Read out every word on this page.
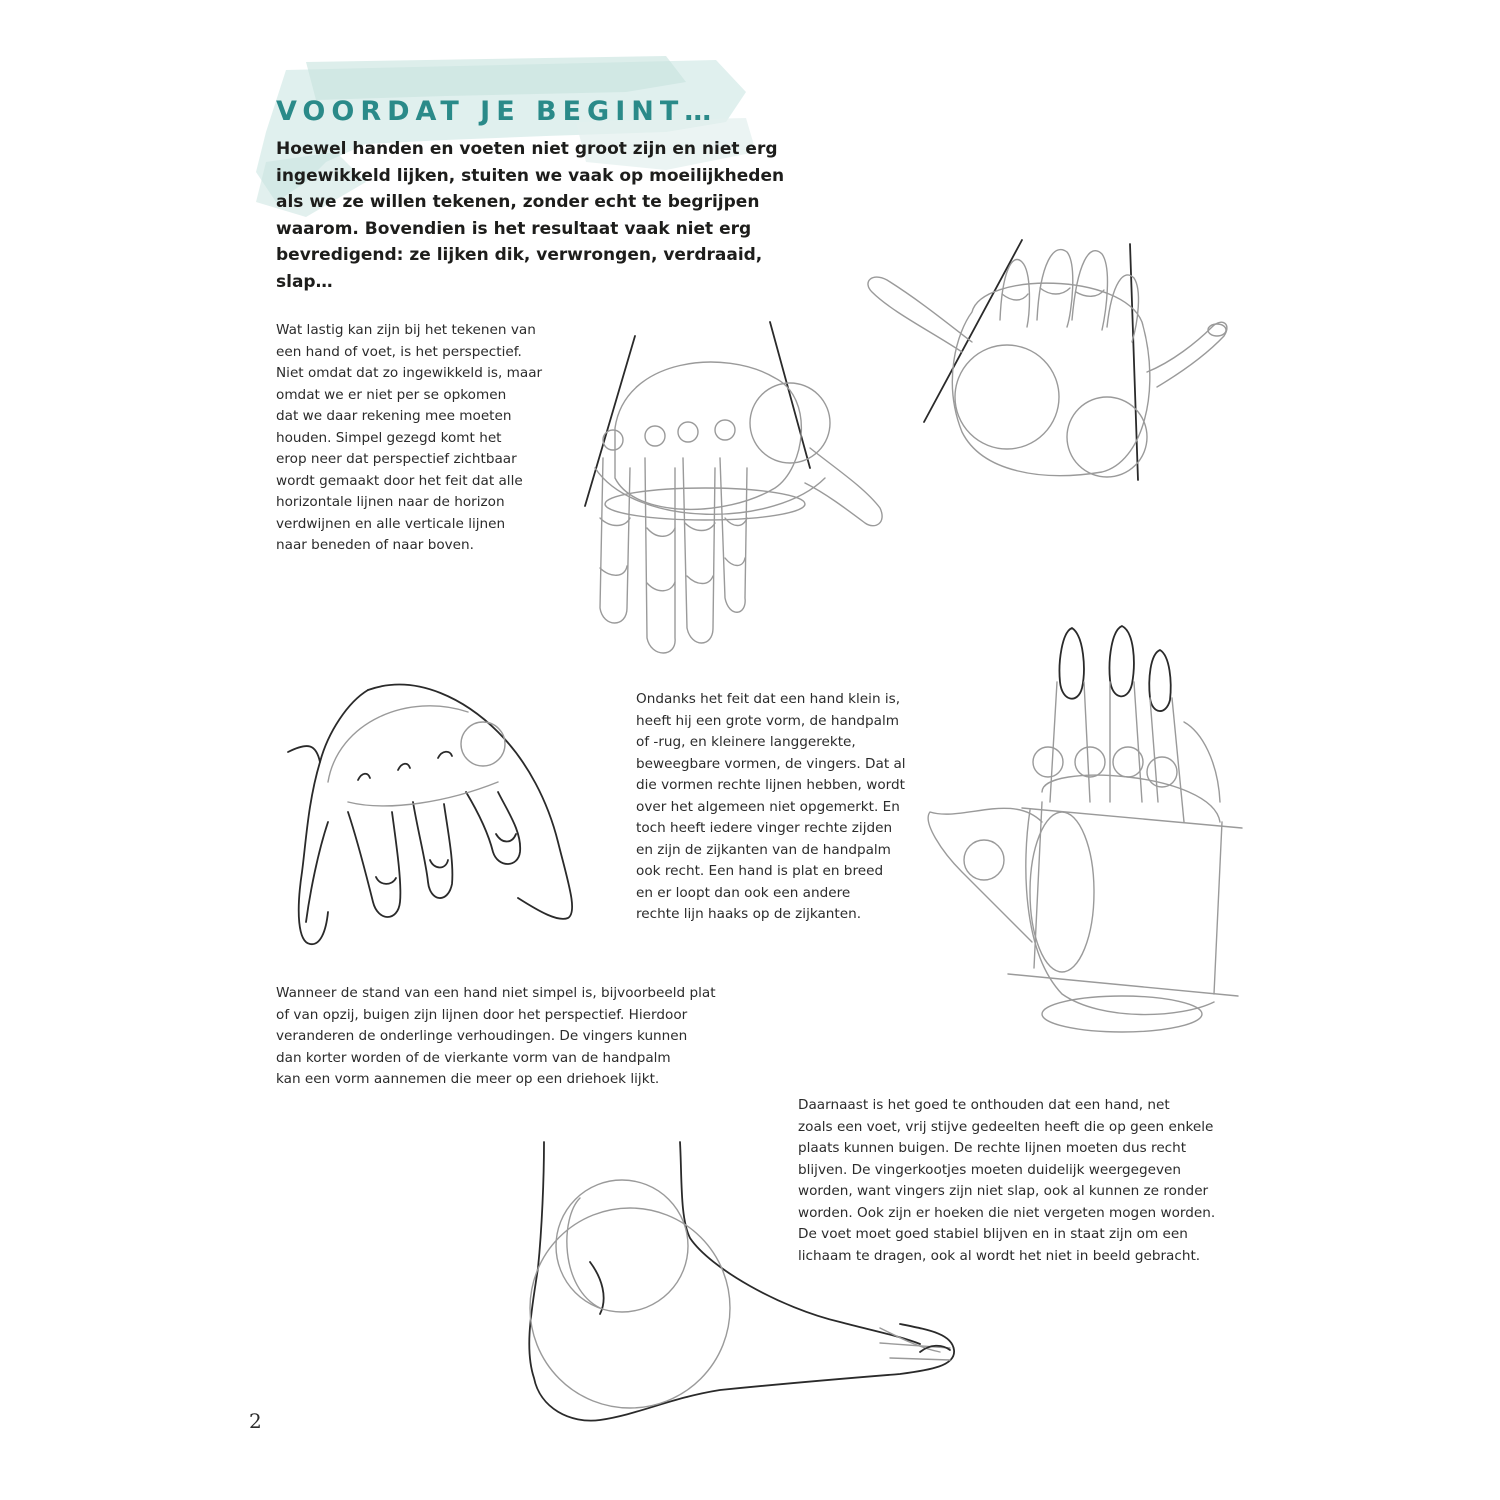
VOORDAT JE BEGINT…

Hoewel handen en voeten niet groot zijn en niet erg ingewikkeld lijken, stuiten we vaak op moeilijkheden als we ze willen tekenen, zonder echt te begrijpen waarom. Bovendien is het resultaat vaak niet erg bevredigend: ze lijken dik, verwrongen, verdraaid, slap…

Wat lastig kan zijn bij het tekenen van
een hand of voet, is het perspectief.
Niet omdat dat zo ingewikkeld is, maar
omdat we er niet per se opkomen
dat we daar rekening mee moeten
houden. Simpel gezegd komt het
erop neer dat perspectief zichtbaar
wordt gemaakt door het feit dat alle
horizontale lijnen naar de horizon
verdwijnen en alle verticale lijnen
naar beneden of naar boven.

Ondanks het feit dat een hand klein is,
heeft hij een grote vorm, de handpalm
of -rug, en kleinere langgerekte,
beweegbare vormen, de vingers. Dat al
die vormen rechte lijnen hebben, wordt
over het algemeen niet opgemerkt. En
toch heeft iedere vinger rechte zijden
en zijn de zijkanten van de handpalm
ook recht. Een hand is plat en breed
en er loopt dan ook een andere
rechte lijn haaks op de zijkanten.

Wanneer de stand van een hand niet simpel is, bijvoorbeeld plat
of van opzij, buigen zijn lijnen door het perspectief. Hierdoor
veranderen de onderlinge verhoudingen. De vingers kunnen
dan korter worden of de vierkante vorm van de handpalm
kan een vorm aannemen die meer op een driehoek lijkt.

Daarnaast is het goed te onthouden dat een hand, net
zoals een voet, vrij stijve gedeelten heeft die op geen enkele
plaats kunnen buigen. De rechte lijnen moeten dus recht
blijven. De vingerkootjes moeten duidelijk weergegeven
worden, want vingers zijn niet slap, ook al kunnen ze ronder
worden. Ook zijn er hoeken die niet vergeten mogen worden.
De voet moet goed stabiel blijven en in staat zijn om een
lichaam te dragen, ook al wordt het niet in beeld gebracht.

2
